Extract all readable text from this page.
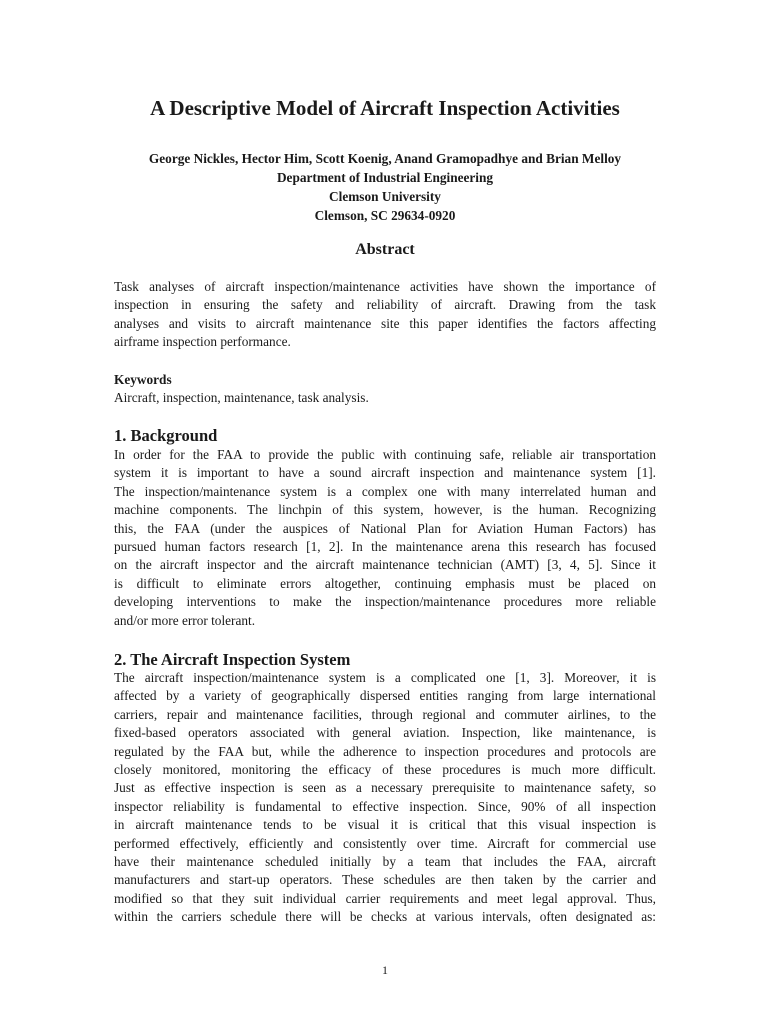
A Descriptive Model of Aircraft Inspection Activities
George Nickles, Hector Him, Scott Koenig, Anand Gramopadhye and Brian Melloy
Department of Industrial Engineering
Clemson University
Clemson, SC 29634-0920
Abstract
Task analyses of aircraft inspection/maintenance activities have shown the importance of
inspection in ensuring the safety and reliability of aircraft. Drawing from the task
analyses and visits to aircraft maintenance site this paper identifies the factors affecting
airframe inspection performance.
Keywords
Aircraft, inspection, maintenance, task analysis.
1. Background
In order for the FAA to provide the public with continuing safe, reliable air transportation
system it is important to have a sound aircraft inspection and maintenance system [1].
The inspection/maintenance system is a complex one with many interrelated human and
machine components. The linchpin of this system, however, is the human. Recognizing
this, the FAA (under the auspices of National Plan for Aviation Human Factors) has
pursued human factors research [1, 2]. In the maintenance arena this research has focused
on the aircraft inspector and the aircraft maintenance technician (AMT) [3, 4, 5]. Since it
is difficult to eliminate errors altogether, continuing emphasis must be placed on
developing interventions to make the inspection/maintenance procedures more reliable
and/or more error tolerant.
2. The Aircraft Inspection System
The aircraft inspection/maintenance system is a complicated one [1, 3]. Moreover, it is
affected by a variety of geographically dispersed entities ranging from large international
carriers, repair and maintenance facilities, through regional and commuter airlines, to the
fixed-based operators associated with general aviation. Inspection, like maintenance, is
regulated by the FAA but, while the adherence to inspection procedures and protocols are
closely monitored, monitoring the efficacy of these procedures is much more difficult.
Just as effective inspection is seen as a necessary prerequisite to maintenance safety, so
inspector reliability is fundamental to effective inspection. Since, 90% of all inspection
in aircraft maintenance tends to be visual it is critical that this visual inspection is
performed effectively, efficiently and consistently over time. Aircraft for commercial use
have their maintenance scheduled initially by a team that includes the FAA, aircraft
manufacturers and start-up operators. These schedules are then taken by the carrier and
modified so that they suit individual carrier requirements and meet legal approval. Thus,
within the carriers schedule there will be checks at various intervals, often designated as:
1
